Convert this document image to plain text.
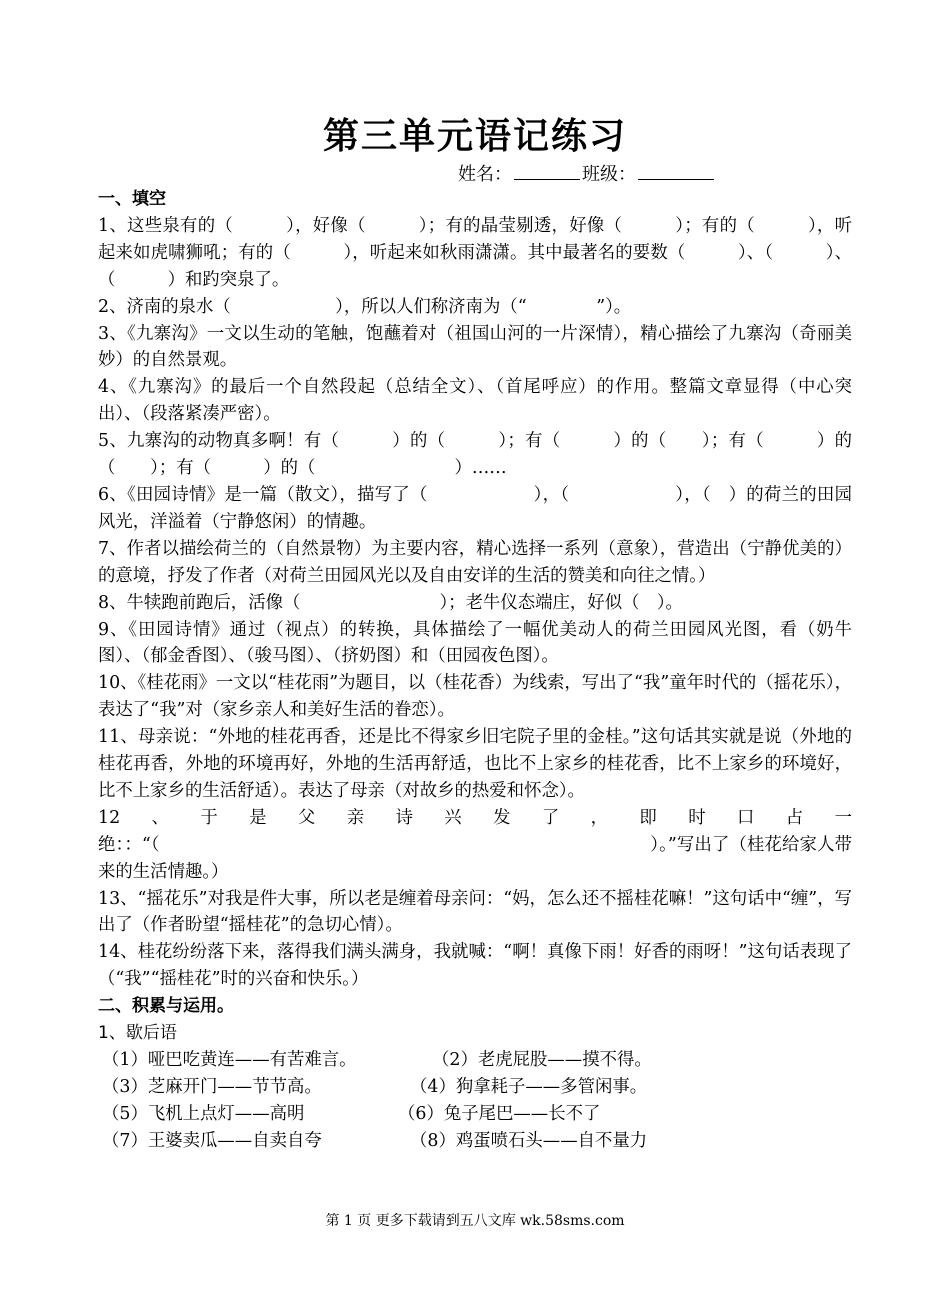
第三单元语记练习
姓名：	班级：

一、填空

1、这些泉有的（　　　），好像（　　　）；有的晶莹剔透，好像（　　　）；有的（　　　），听起来如虎啸狮吼；有的（　　　），听起来如秋雨潇潇。其中最著名的要数（　　　）、（　　　）、（　　　）和趵突泉了。

2、济南的泉水（　　　　　　），所以人们称济南为（“　　　　”）。

3、《九寨沟》一文以生动的笔触，饱蘸着对（祖国山河的一片深情），精心描绘了九寨沟（奇丽美妙）的自然景观。

4、《九寨沟》的最后一个自然段起（总结全文）、（首尾呼应）的作用。整篇文章显得（中心突出）、（段落紧凑严密）。

5、九寨沟的动物真多啊！有（　　　）的（　　　）；有（　　　）的（　　）；有（　　　）的（　　）；有（　　　）的（　　　　　　　　）……

6、《田园诗情》是一篇（散文），描写了（　　　　　　），（　　　　　　），（　）的荷兰的田园风光，洋溢着（宁静悠闲）的情趣。

7、作者以描绘荷兰的（自然景物）为主要内容，精心选择一系列（意象），营造出（宁静优美的）的意境，抒发了作者（对荷兰田园风光以及自由安详的生活的赞美和向往之情。）

8、牛犊跑前跑后，活像（　　　　　　　　）；老牛仪态端庄，好似（　）。

9、《田园诗情》通过（视点）的转换，具体描绘了一幅优美动人的荷兰田园风光图，看（奶牛图）、（郁金香图）、（骏马图）、（挤奶图）和（田园夜色图）。

10、《桂花雨》一文以“桂花雨”为题目，以（桂花香）为线索，写出了“我”童年时代的（摇花乐），表达了“我”对（家乡亲人和美好生活的眷恋）。

11、母亲说：“外地的桂花再香，还是比不得家乡旧宅院子里的金桂。”这句话其实就是说（外地的桂花再香，外地的环境再好，外地的生活再舒适，也比不上家乡的桂花香，比不上家乡的环境好，比不上家乡的生活舒适）。表达了母亲（对故乡的热爱和怀念）。

12、于是父亲诗兴发了，即时口占一绝：：“（　　　　　　　　　　　　　　　　　　　　　　　　　　　　）。”写出了（桂花给家人带来的生活情趣。）

13、“摇花乐”对我是件大事，所以老是缠着母亲问：“妈，怎么还不摇桂花嘛！”这句话中“缠”，写出了（作者盼望“摇桂花”的急切心情）。

14、桂花纷纷落下来，落得我们满头满身，我就喊：“啊！真像下雨！好香的雨呀！”这句话表现了（“我”“摇桂花”时的兴奋和快乐。）

二、积累与运用。

1、歇后语

（1）哑巴吃黄连——有苦难言。	（2）老虎屁股——摸不得。
（3）芝麻开门——节节高。	（4）狗拿耗子——多管闲事。
（5）飞机上点灯——高明	（6）兔子尾巴——长不了
（7）王婆卖瓜——自卖自夸	（8）鸡蛋喷石头——自不量力
第 1 页 更多下载请到五八文库 wk.58sms.com
